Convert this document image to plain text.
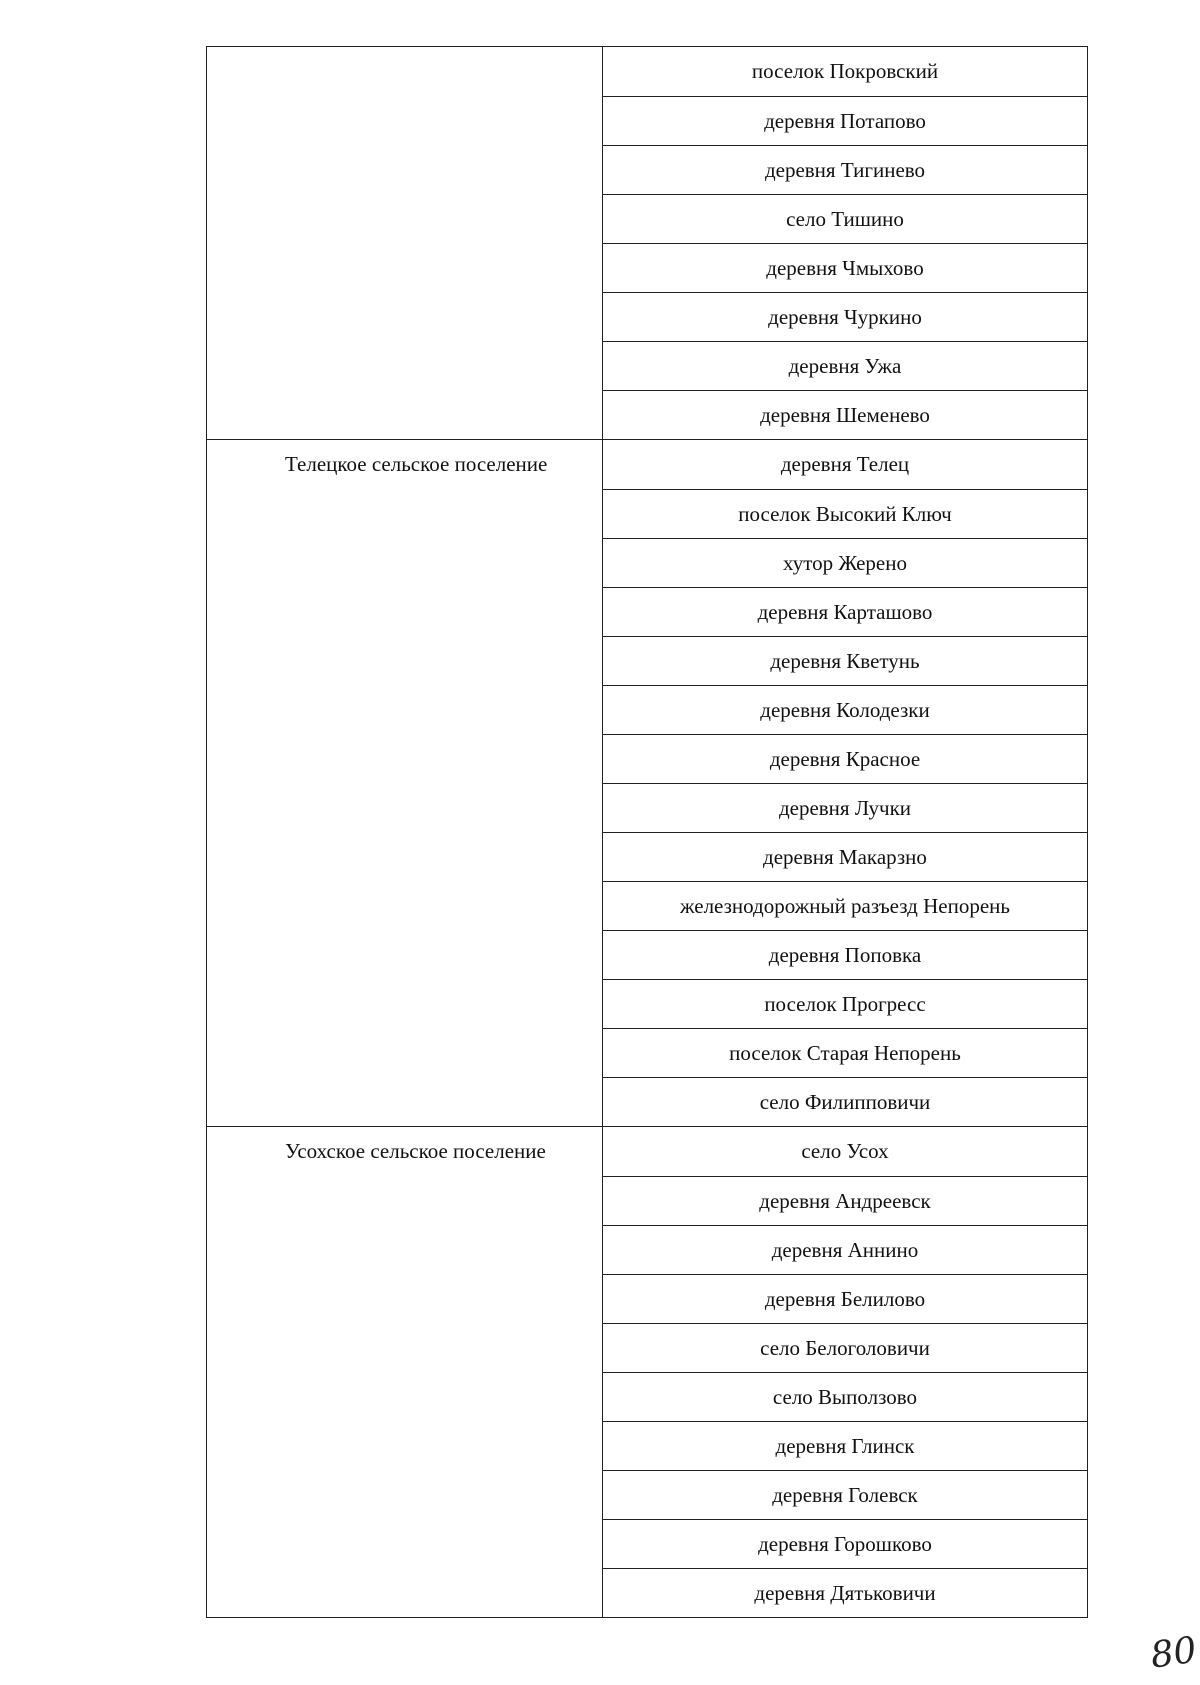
поселок Покровский
деревня Потапово
деревня Тигинево
село Тишино
деревня Чмыхово
деревня Чуркино
деревня Ужа
деревня Шеменево
Телецкое сельское поселение	деревня Телец
поселок Высокий Ключ
хутор Жерено
деревня Карташово
деревня Кветунь
деревня Колодезки
деревня Красное
деревня Лучки
деревня Макарзно
железнодорожный разъезд Непорень
деревня Поповка
поселок Прогресс
поселок Старая Непорень
село Филипповичи
Усохское сельское поселение	село Усох
деревня Андреевск
деревня Аннино
деревня Белилово
село Белоголовичи
село Выползово
деревня Глинск
деревня Голевск
деревня Горошково
деревня Дятьковичи
80
